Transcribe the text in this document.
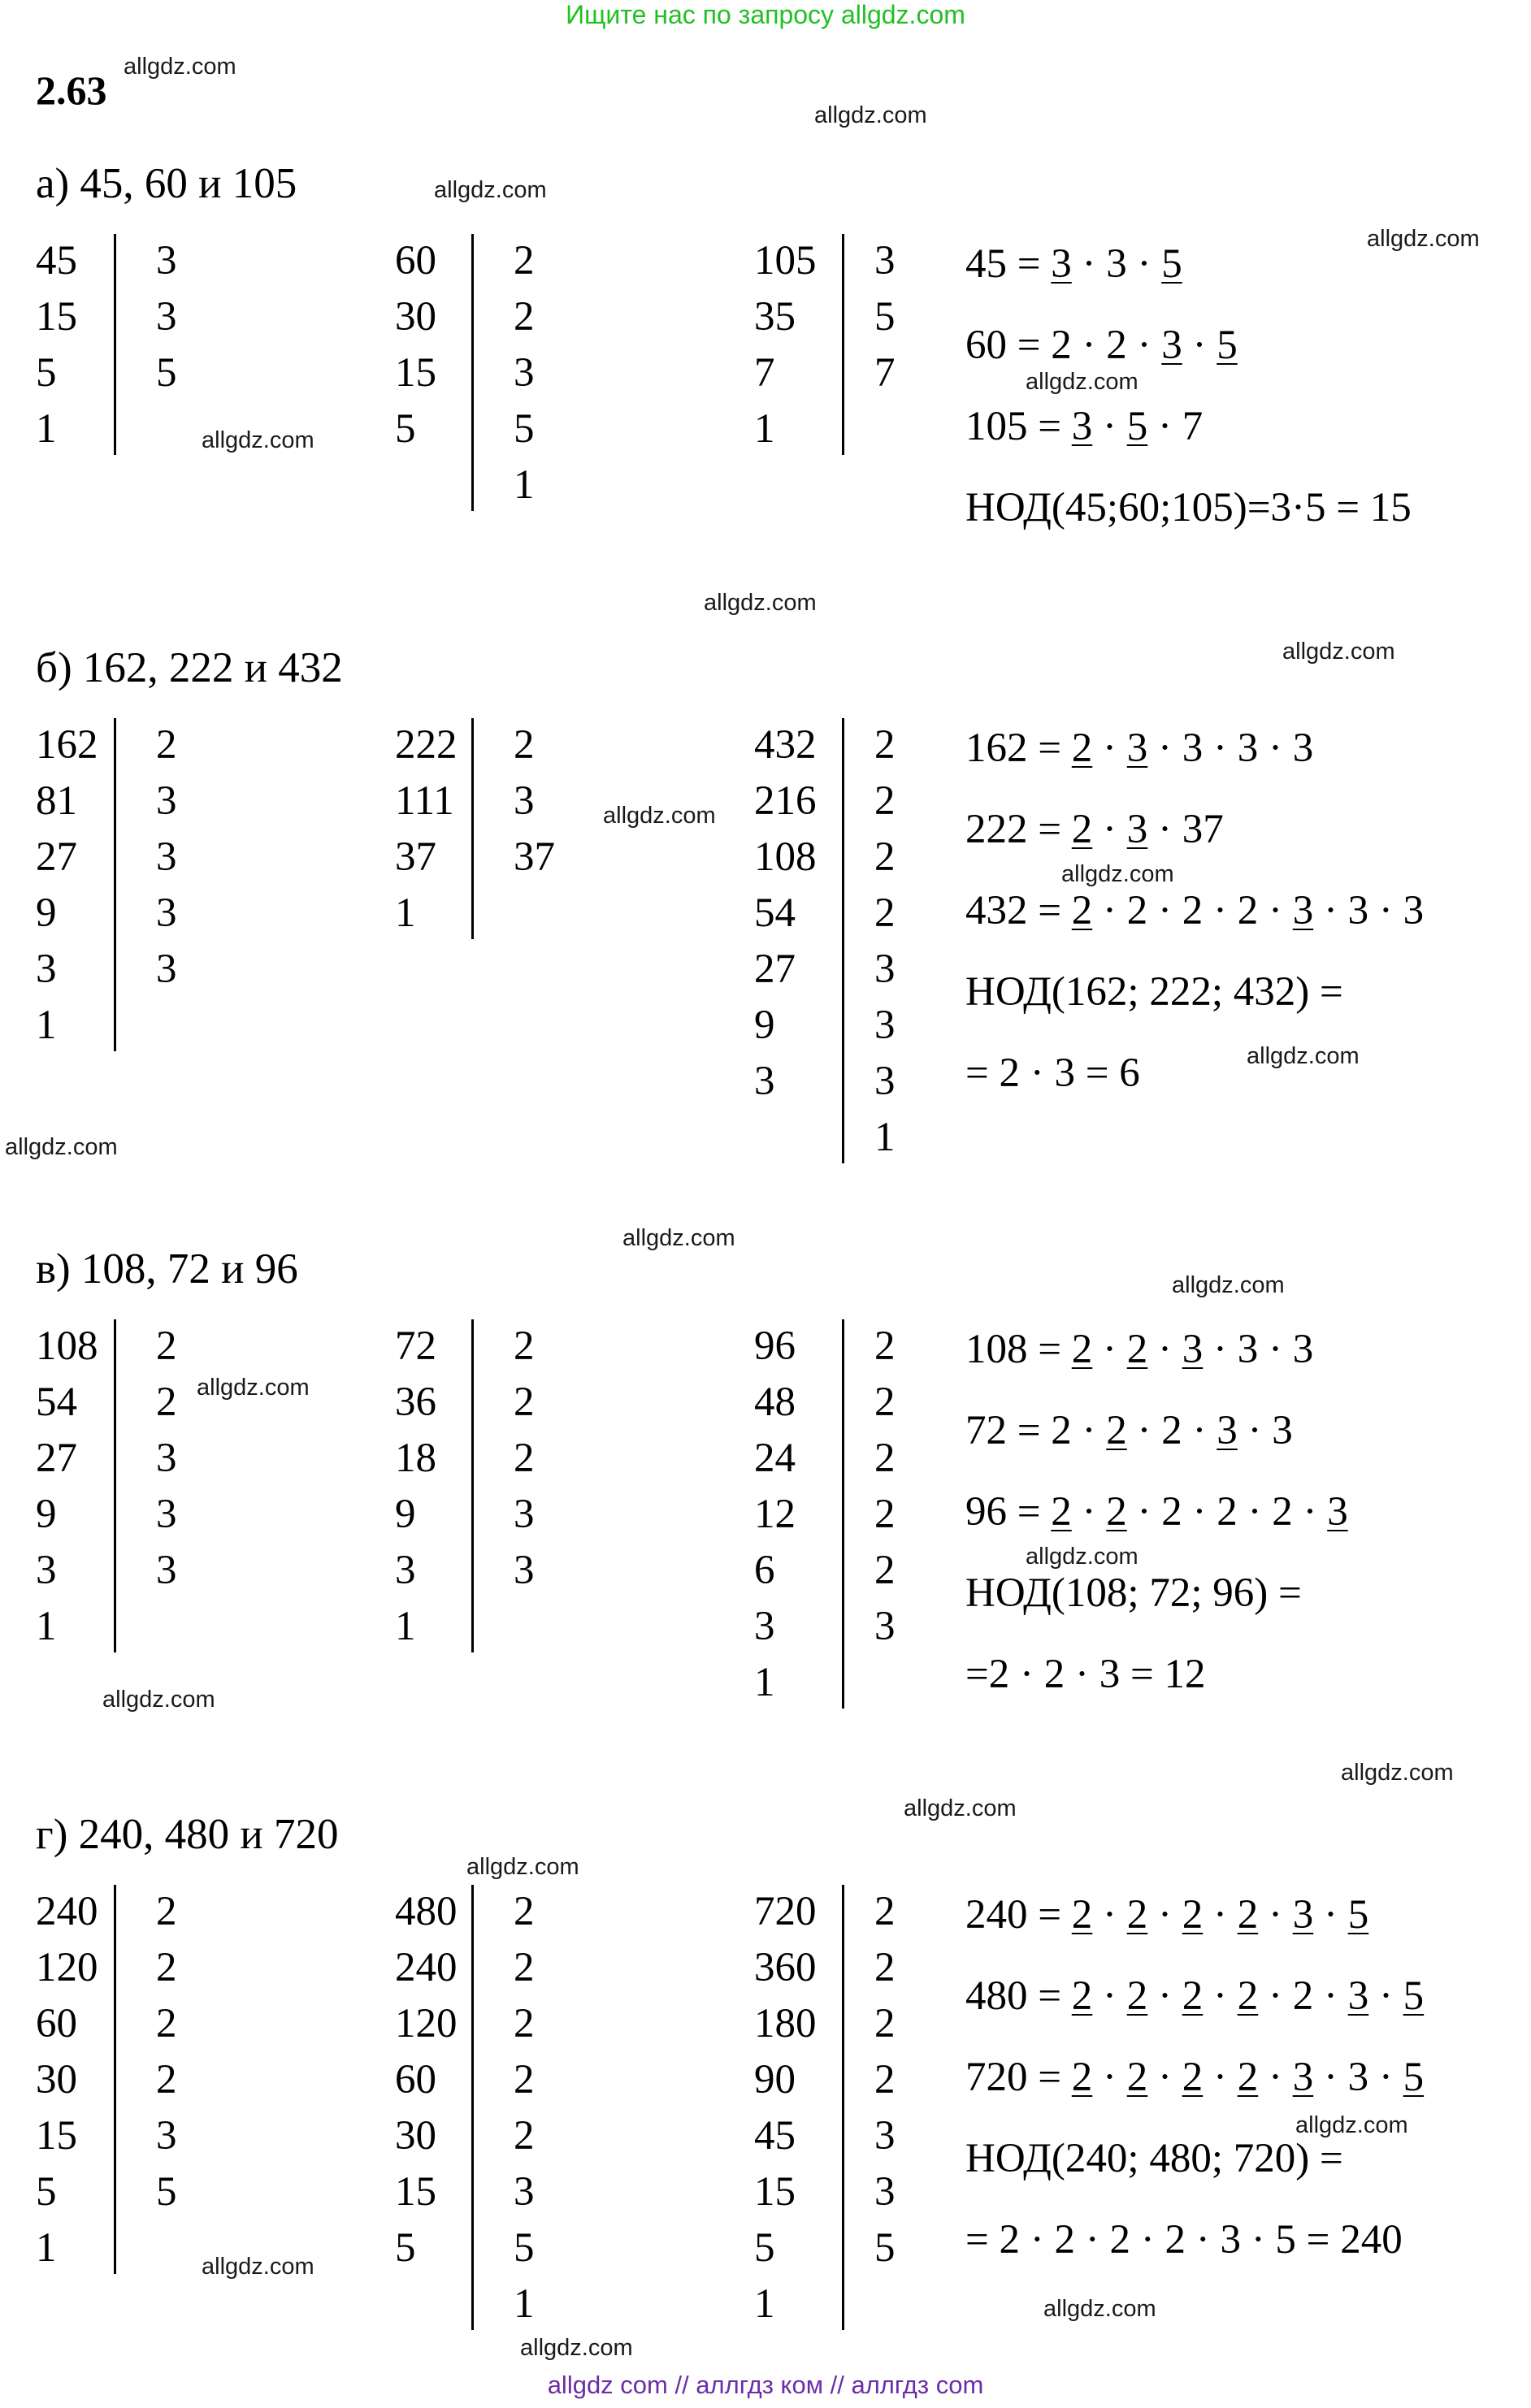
Ищите нас по запросу allgdz.com
2.63
allgdz.com
allgdz.com
allgdz.com
allgdz.com
allgdz.com
allgdz.com
allgdz.com
allgdz.com
allgdz.com
allgdz.com
allgdz.com
allgdz.com
allgdz.com
allgdz.com
allgdz.com
allgdz.com
allgdz.com
allgdz.com
allgdz.com
allgdz.com
allgdz.com
allgdz.com
allgdz.com
allgdz.com
а) 45, 60 и 105
45
15
5
1
3
3
5
60
30
15
5
2
2
3
5
1
105
35
7
1
3
5
7
45 = 3 · 3 · 5
60 = 2 · 2 · 3 · 5
105 = 3 · 5 · 7
НОД(45;60;105)=3·5 = 15
б) 162, 222 и 432
162
81
27
9
3
1
2
3
3
3
3
222
111
37
1
2
3
37
432
216
108
54
27
9
3
2
2
2
2
3
3
3
1
162 = 2 · 3 · 3 · 3 · 3
222 = 2 · 3 · 37
432 = 2 · 2 · 2 · 2 · 3 · 3 · 3
НОД(162; 222; 432) =
= 2 · 3 = 6
в) 108, 72 и 96
108
54
27
9
3
1
2
2
3
3
3
72
36
18
9
3
1
2
2
2
3
3
96
48
24
12
6
3
1
2
2
2
2
2
3
108 = 2 · 2 · 3 · 3 · 3
72 = 2 · 2 · 2 · 3 · 3
96 = 2 · 2 · 2 · 2 · 2 · 3
НОД(108; 72; 96) =
=2 · 2 · 3 = 12
г) 240, 480 и 720
240
120
60
30
15
5
1
2
2
2
2
3
5
480
240
120
60
30
15
5
2
2
2
2
2
3
5
1
720
360
180
90
45
15
5
1
2
2
2
2
3
3
5
240 = 2 · 2 · 2 · 2 · 3 · 5
480 = 2 · 2 · 2 · 2 · 2 · 3 · 5
720 = 2 · 2 · 2 · 2 · 3 · 3 · 5
НОД(240; 480; 720) =
= 2 · 2 · 2 · 2 · 3 · 5 = 240
allgdz com // аллгдз ком // аллгдз com
